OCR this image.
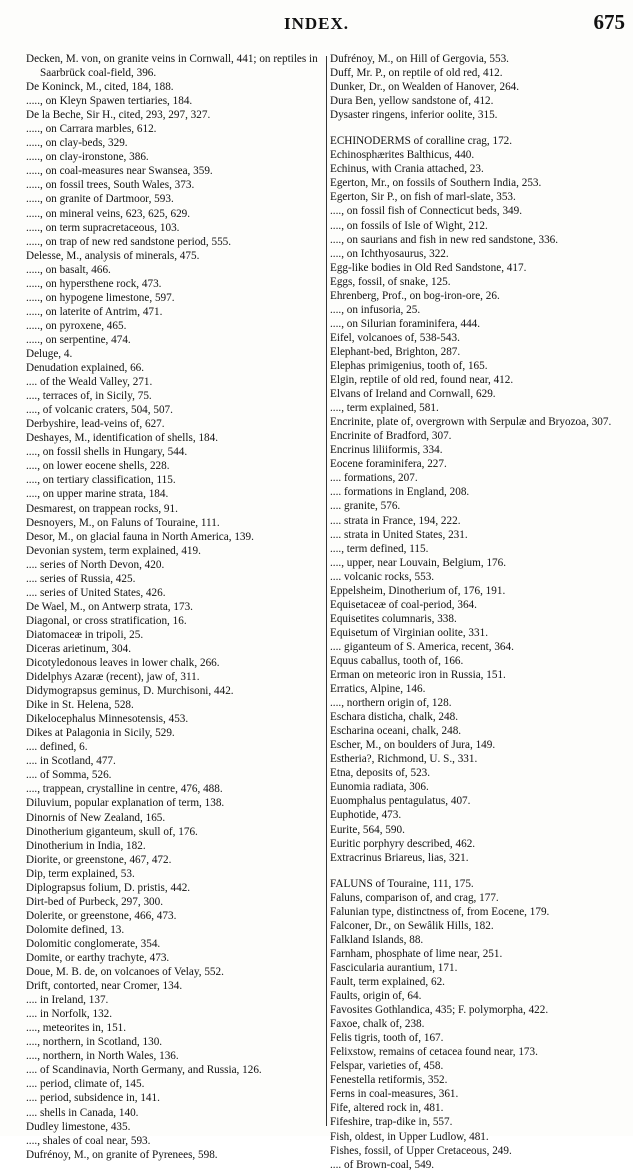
INDEX.	675
Decken, M. von, on granite veins in Cornwall, 441; on reptiles in Saarbrück coal-field, 396.
De Koninck, M., cited, 184, 188.
....., on Kleyn Spawen tertiaries, 184.
De la Beche, Sir H., cited, 293, 297, 327.
....., on Carrara marbles, 612.
....., on clay-beds, 329.
....., on clay-ironstone, 386.
....., on coal-measures near Swansea, 359.
....., on fossil trees, South Wales, 373.
....., on granite of Dartmoor, 593.
....., on mineral veins, 623, 625, 629.
....., on term supracretaceous, 103.
....., on trap of new red sandstone period, 555.
Delesse, M., analysis of minerals, 475.
....., on basalt, 466.
....., on hypersthene rock, 473.
....., on hypogene limestone, 597.
....., on laterite of Antrim, 471.
....., on pyroxene, 465.
....., on serpentine, 474.
Deluge, 4.
Denudation explained, 66.
.... of the Weald Valley, 271.
...., terraces of, in Sicily, 75.
...., of volcanic craters, 504, 507.
Derbyshire, lead-veins of, 627.
Deshayes, M., identification of shells, 184.
...., on fossil shells in Hungary, 544.
...., on lower eocene shells, 228.
...., on tertiary classification, 115.
...., on upper marine strata, 184.
Desmarest, on trappean rocks, 91.
Desnoyers, M., on Faluns of Touraine, 111.
Desor, M., on glacial fauna in North America, 139.
Devonian system, term explained, 419.
.... series of North Devon, 420.
.... series of Russia, 425.
.... series of United States, 426.
De Wael, M., on Antwerp strata, 173.
Diagonal, or cross stratification, 16.
Diatomaceæ in tripoli, 25.
Diceras arietinum, 304.
Dicotyledonous leaves in lower chalk, 266.
Didelphys Azaræ (recent), jaw of, 311.
Didymograpsus geminus, D. Murchisoni, 442.
Dike in St. Helena, 528.
Dikelocephalus Minnesotensis, 453.
Dikes at Palagonia in Sicily, 529.
.... defined, 6.
.... in Scotland, 477.
.... of Somma, 526.
...., trappean, crystalline in centre, 476, 488.
Diluvium, popular explanation of term, 138.
Dinornis of New Zealand, 165.
Dinotherium giganteum, skull of, 176.
Dinotherium in India, 182.
Diorite, or greenstone, 467, 472.
Dip, term explained, 53.
Diplograpsus folium, D. pristis, 442.
Dirt-bed of Purbeck, 297, 300.
Dolerite, or greenstone, 466, 473.
Dolomite defined, 13.
Dolomitic conglomerate, 354.
Domite, or earthy trachyte, 473.
Doue, M. B. de, on volcanoes of Velay, 552.
Drift, contorted, near Cromer, 134.
.... in Ireland, 137.
.... in Norfolk, 132.
...., meteorites in, 151.
...., northern, in Scotland, 130.
...., northern, in North Wales, 136.
.... of Scandinavia, North Germany, and Russia, 126.
.... period, climate of, 145.
.... period, subsidence in, 141.
.... shells in Canada, 140.
Dudley limestone, 435.
...., shales of coal near, 593.
Dufrénoy, M., on granite of Pyrenees, 598.
Dufrénoy, M., on Hill of Gergovia, 553.
Duff, Mr. P., on reptile of old red, 412.
Dunker, Dr., on Wealden of Hanover, 264.
Dura Ben, yellow sandstone of, 412.
Dysaster ringens, inferior oolite, 315.
ECHINODERMS of coralline crag, 172.
Echinosphærites Balthicus, 440.
Echinus, with Crania attached, 23.
Egerton, Mr., on fossils of Southern India, 253.
Egerton, Sir P., on fish of marl-slate, 353.
...., on fossil fish of Connecticut beds, 349.
...., on fossils of Isle of Wight, 212.
...., on saurians and fish in new red sandstone, 336.
...., on Ichthyosaurus, 322.
Egg-like bodies in Old Red Sandstone, 417.
Eggs, fossil, of snake, 125.
Ehrenberg, Prof., on bog-iron-ore, 26.
...., on infusoria, 25.
...., on Silurian foraminifera, 444.
Eifel, volcanoes of, 538-543.
Elephant-bed, Brighton, 287.
Elephas primigenius, tooth of, 165.
Elgin, reptile of old red, found near, 412.
Elvans of Ireland and Cornwall, 629.
...., term explained, 581.
Encrinite, plate of, overgrown with Serpulæ and Bryozoa, 307.
Encrinite of Bradford, 307.
Encrinus liliiformis, 334.
Eocene foraminifera, 227.
.... formations, 207.
.... formations in England, 208.
.... granite, 576.
.... strata in France, 194, 222.
.... strata in United States, 231.
...., term defined, 115.
...., upper, near Louvain, Belgium, 176.
.... volcanic rocks, 553.
Eppelsheim, Dinotherium of, 176, 191.
Equisetaceæ of coal-period, 364.
Equisetites columnaris, 338.
Equisetum of Virginian oolite, 331.
.... giganteum of S. America, recent, 364.
Equus caballus, tooth of, 166.
Erman on meteoric iron in Russia, 151.
Erratics, Alpine, 146.
...., northern origin of, 128.
Eschara disticha, chalk, 248.
Escharina oceani, chalk, 248.
Escher, M., on boulders of Jura, 149.
Estheria?, Richmond, U. S., 331.
Etna, deposits of, 523.
Eunomia radiata, 306.
Euomphalus pentagulatus, 407.
Euphotide, 473.
Eurite, 564, 590.
Euritic porphyry described, 462.
Extracrinus Briareus, lias, 321.
FALUNS of Touraine, 111, 175.
Faluns, comparison of, and crag, 177.
Falunian type, distinctness of, from Eocene, 179.
Falconer, Dr., on Sewâlik Hills, 182.
Falkland Islands, 88.
Farnham, phosphate of lime near, 251.
Fasciculаria aurantium, 171.
Fault, term explained, 62.
Faults, origin of, 64.
Favosites Gothlandica, 435; F. polymorpha, 422.
Faxoe, chalk of, 238.
Felis tigris, tooth of, 167.
Felixstow, remains of cetacea found near, 173.
Felspar, varieties of, 458.
Fenestella retiformis, 352.
Ferns in coal-measures, 361.
Fife, altered rock in, 481.
Fifeshire, trap-dike in, 557.
Fish, oldest, in Upper Ludlow, 481.
Fishes, fossil, of Upper Cretaceous, 249.
.... of Brown-coal, 549.
